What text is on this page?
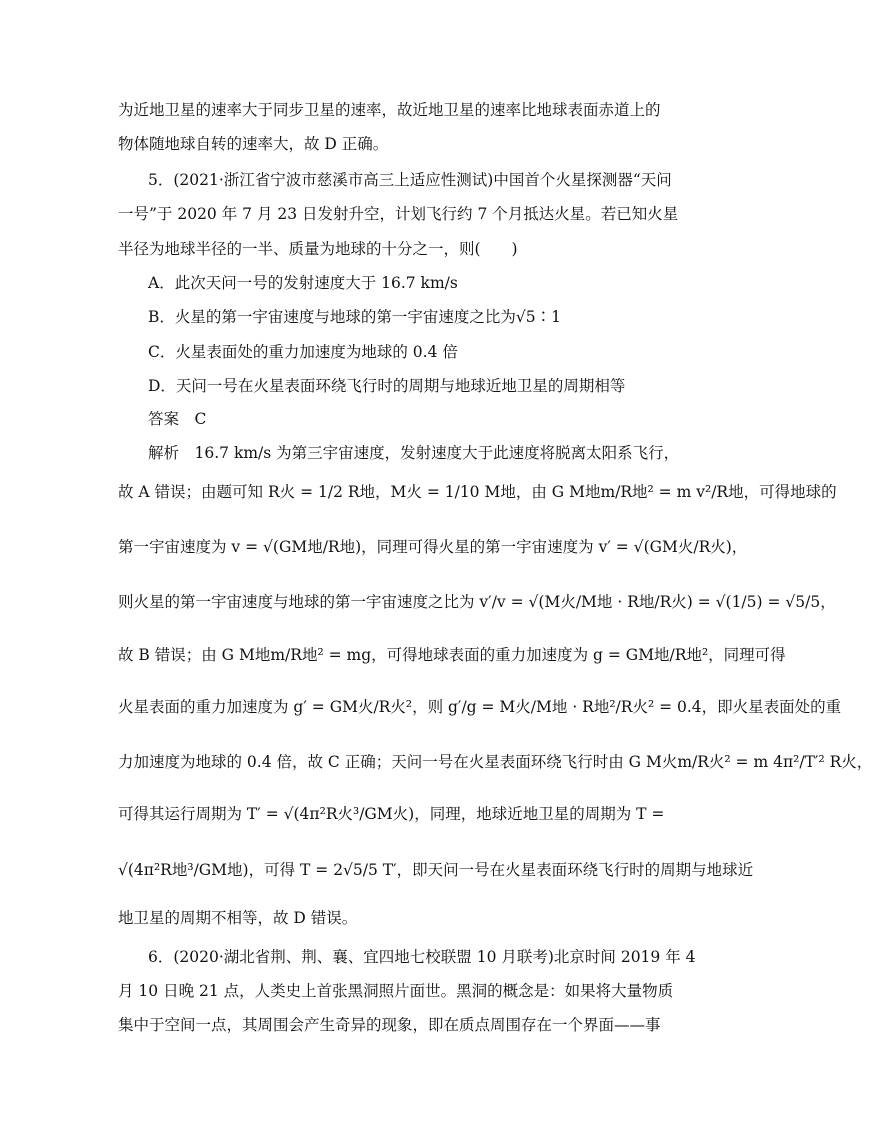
为近地卫星的速率大于同步卫星的速率，故近地卫星的速率比地球表面赤道上的
物体随地球自转的速率大，故 D 正确。
5．(2021·浙江省宁波市慈溪市高三上适应性测试)中国首个火星探测器“天问
一号”于 2020 年 7 月 23 日发射升空，计划飞行约 7 个月抵达火星。若已知火星
半径为地球半径的一半、质量为地球的十分之一，则(　　)
A．此次天问一号的发射速度大于 16.7 km/s
B．火星的第一宇宙速度与地球的第一宇宙速度之比为√5∶1
C．火星表面处的重力加速度为地球的 0.4 倍
D．天问一号在火星表面环绕飞行时的周期与地球近地卫星的周期相等
答案　C
解析　16.7 km/s 为第三宇宙速度，发射速度大于此速度将脱离太阳系飞行，
故 A 错误；由题可知 R火 = 1/2 R地，M火 = 1/10 M地，由 G M地m/R地² = m v²/R地，可得地球的
第一宇宙速度为 v = √(GM地/R地)，同理可得火星的第一宇宙速度为 v′ = √(GM火/R火)，
则火星的第一宇宙速度与地球的第一宇宙速度之比为 v′/v = √(M火/M地 · R地/R火) = √(1/5) = √5/5，
故 B 错误；由 G M地m/R地² = mg，可得地球表面的重力加速度为 g = GM地/R地²，同理可得
火星表面的重力加速度为 g′ = GM火/R火²，则 g′/g = M火/M地 · R地²/R火² = 0.4，即火星表面处的重
力加速度为地球的 0.4 倍，故 C 正确；天问一号在火星表面环绕飞行时由 G M火m/R火² = m 4π²/T′² R火，
可得其运行周期为 T′ = √(4π²R火³/GM火)，同理，地球近地卫星的周期为 T =
√(4π²R地³/GM地)，可得 T = 2√5/5 T′，即天问一号在火星表面环绕飞行时的周期与地球近
地卫星的周期不相等，故 D 错误。
6．(2020·湖北省荆、荆、襄、宜四地七校联盟 10 月联考)北京时间 2019 年 4
月 10 日晚 21 点，人类史上首张黑洞照片面世。黑洞的概念是：如果将大量物质
集中于空间一点，其周围会产生奇异的现象，即在质点周围存在一个界面——事
